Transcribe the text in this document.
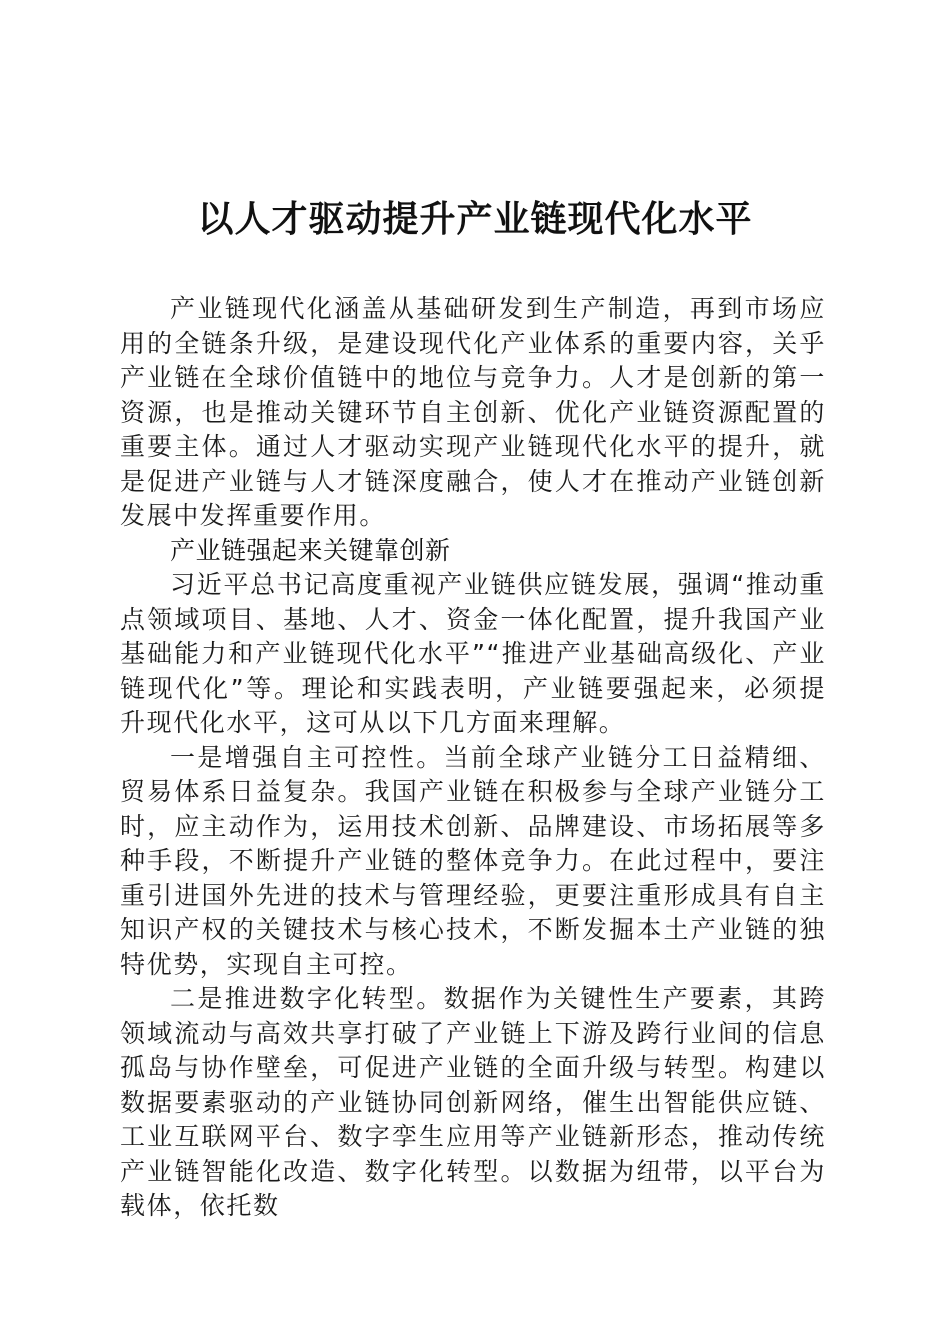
以人才驱动提升产业链现代化水平

产业链现代化涵盖从基础研发到生产制造，再到市场应用的全链条升级，是建设现代化产业体系的重要内容，关乎产业链在全球价值链中的地位与竞争力。人才是创新的第一资源，也是推动关键环节自主创新、优化产业链资源配置的重要主体。通过人才驱动实现产业链现代化水平的提升，就是促进产业链与人才链深度融合，使人才在推动产业链创新发展中发挥重要作用。

产业链强起来关键靠创新

习近平总书记高度重视产业链供应链发展，强调“推动重点领域项目、基地、人才、资金一体化配置，提升我国产业基础能力和产业链现代化水平”“推进产业基础高级化、产业链现代化”等。理论和实践表明，产业链要强起来，必须提升现代化水平，这可从以下几方面来理解。

一是增强自主可控性。当前全球产业链分工日益精细、贸易体系日益复杂。我国产业链在积极参与全球产业链分工时，应主动作为，运用技术创新、品牌建设、市场拓展等多种手段，不断提升产业链的整体竞争力。在此过程中，要注重引进国外先进的技术与管理经验，更要注重形成具有自主知识产权的关键技术与核心技术，不断发掘本土产业链的独特优势，实现自主可控。

二是推进数字化转型。数据作为关键性生产要素，其跨领域流动与高效共享打破了产业链上下游及跨行业间的信息孤岛与协作壁垒，可促进产业链的全面升级与转型。构建以数据要素驱动的产业链协同创新网络，催生出智能供应链、工业互联网平台、数字孪生应用等产业链新形态，推动传统产业链智能化改造、数字化转型。以数据为纽带，以平台为载体，依托数
